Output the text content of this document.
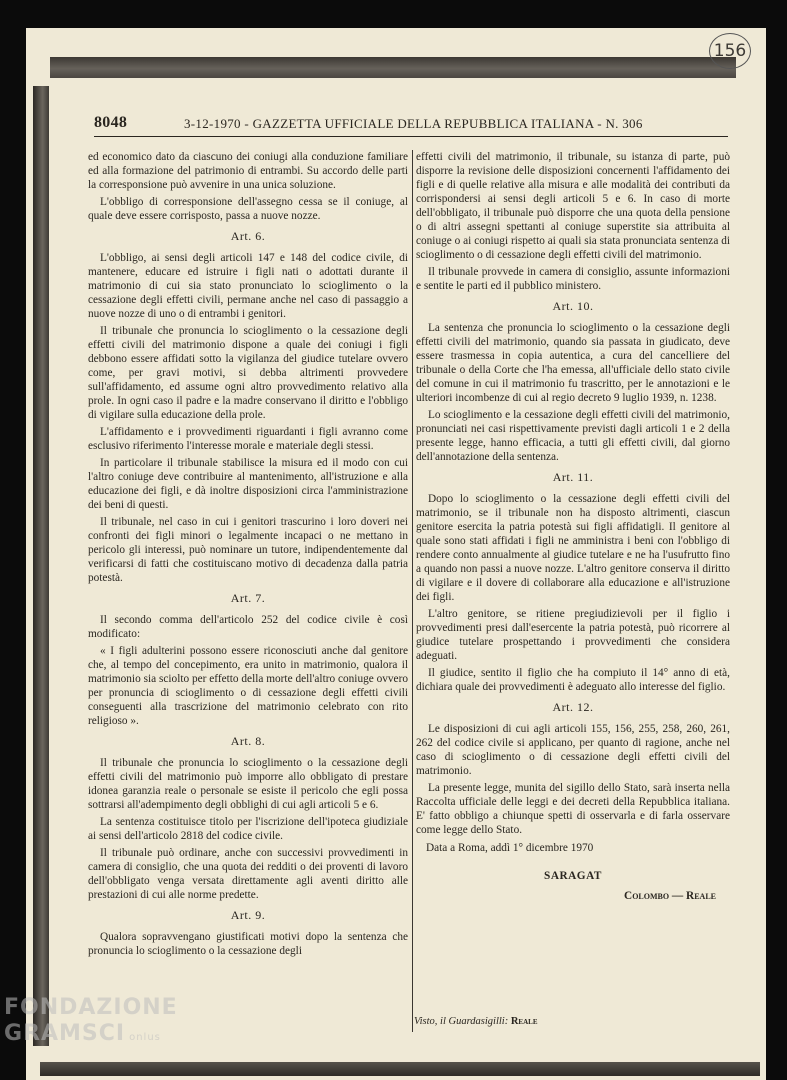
156
8048	3-12-1970 - GAZZETTA UFFICIALE DELLA REPUBBLICA ITALIANA - N. 306

ed economico dato da ciascuno dei coniugi alla conduzione familiare ed alla formazione del patrimonio di entrambi. Su accordo delle parti la corresponsione può avvenire in una unica soluzione.

L'obbligo di corresponsione dell'assegno cessa se il coniuge, al quale deve essere corrisposto, passa a nuove nozze.

Art. 6.

L'obbligo, ai sensi degli articoli 147 e 148 del codice civile, di mantenere, educare ed istruire i figli nati o adottati durante il matrimonio di cui sia stato pronunciato lo scioglimento o la cessazione degli effetti civili, permane anche nel caso di passaggio a nuove nozze di uno o di entrambi i genitori.

Il tribunale che pronuncia lo scioglimento o la cessazione degli effetti civili del matrimonio dispone a quale dei coniugi i figli debbono essere affidati sotto la vigilanza del giudice tutelare ovvero come, per gravi motivi, si debba altrimenti provvedere sull'affidamento, ed assume ogni altro provvedimento relativo alla prole. In ogni caso il padre e la madre conservano il diritto e l'obbligo di vigilare sulla educazione della prole.

L'affidamento e i provvedimenti riguardanti i figli avranno come esclusivo riferimento l'interesse morale e materiale degli stessi.

In particolare il tribunale stabilisce la misura ed il modo con cui l'altro coniuge deve contribuire al mantenimento, all'istruzione e alla educazione dei figli, e dà inoltre disposizioni circa l'amministrazione dei beni di questi.

Il tribunale, nel caso in cui i genitori trascurino i loro doveri nei confronti dei figli minori o legalmente incapaci o ne mettano in pericolo gli interessi, può nominare un tutore, indipendentemente dal verificarsi di fatti che costituiscano motivo di decadenza dalla patria potestà.

Art. 7.

Il secondo comma dell'articolo 252 del codice civile è così modificato:

« I figli adulterini possono essere riconosciuti anche dal genitore che, al tempo del concepimento, era unito in matrimonio, qualora il matrimonio sia sciolto per effetto della morte dell'altro coniuge ovvero per pronuncia di scioglimento o di cessazione degli effetti civili conseguenti alla trascrizione del matrimonio celebrato con rito religioso ».

Art. 8.

Il tribunale che pronuncia lo scioglimento o la cessazione degli effetti civili del matrimonio può imporre allo obbligato di prestare idonea garanzia reale o personale se esiste il pericolo che egli possa sottrarsi all'adempimento degli obblighi di cui agli articoli 5 e 6.

La sentenza costituisce titolo per l'iscrizione dell'ipoteca giudiziale ai sensi dell'articolo 2818 del codice civile.

Il tribunale può ordinare, anche con successivi provvedimenti in camera di consiglio, che una quota dei redditi o dei proventi di lavoro dell'obbligato venga versata direttamente agli aventi diritto alle prestazioni di cui alle norme predette.

Art. 9.

Qualora sopravvengano giustificati motivi dopo la sentenza che pronuncia lo scioglimento o la cessazione degli

effetti civili del matrimonio, il tribunale, su istanza di parte, può disporre la revisione delle disposizioni concernenti l'affidamento dei figli e di quelle relative alla misura e alle modalità dei contributi da corrispondersi ai sensi degli articoli 5 e 6. In caso di morte dell'obbligato, il tribunale può disporre che una quota della pensione o di altri assegni spettanti al coniuge superstite sia attribuita al coniuge o ai coniugi rispetto ai quali sia stata pronunciata sentenza di scioglimento o di cessazione degli effetti civili del matrimonio.

Il tribunale provvede in camera di consiglio, assunte informazioni e sentite le parti ed il pubblico ministero.

Art. 10.

La sentenza che pronuncia lo scioglimento o la cessazione degli effetti civili del matrimonio, quando sia passata in giudicato, deve essere trasmessa in copia autentica, a cura del cancelliere del tribunale o della Corte che l'ha emessa, all'ufficiale dello stato civile del comune in cui il matrimonio fu trascritto, per le annotazioni e le ulteriori incombenze di cui al regio decreto 9 luglio 1939, n. 1238.

Lo scioglimento e la cessazione degli effetti civili del matrimonio, pronunciati nei casi rispettivamente previsti dagli articoli 1 e 2 della presente legge, hanno efficacia, a tutti gli effetti civili, dal giorno dell'annotazione della sentenza.

Art. 11.

Dopo lo scioglimento o la cessazione degli effetti civili del matrimonio, se il tribunale non ha disposto altrimenti, ciascun genitore esercita la patria potestà sui figli affidatigli. Il genitore al quale sono stati affidati i figli ne amministra i beni con l'obbligo di rendere conto annualmente al giudice tutelare e ne ha l'usufrutto fino a quando non passi a nuove nozze. L'altro genitore conserva il diritto di vigilare e il dovere di collaborare alla educazione e all'istruzione dei figli.

L'altro genitore, se ritiene pregiudizievoli per il figlio i provvedimenti presi dall'esercente la patria potestà, può ricorrere al giudice tutelare prospettando i provvedimenti che considera adeguati.

Il giudice, sentito il figlio che ha compiuto il 14° anno di età, dichiara quale dei provvedimenti è adeguato allo interesse del figlio.

Art. 12.

Le disposizioni di cui agli articoli 155, 156, 255, 258, 260, 261, 262 del codice civile si applicano, per quanto di ragione, anche nel caso di scioglimento o di cessazione degli effetti civili del matrimonio.

La presente legge, munita del sigillo dello Stato, sarà inserta nella Raccolta ufficiale delle leggi e dei decreti della Repubblica italiana. E' fatto obbligo a chiunque spetti di osservarla e di farla osservare come legge dello Stato.

Data a Roma, addì 1° dicembre 1970

SARAGAT

Colombo — Reale

Visto, il Guardasigilli: Reale
FONDAZIONE
GRAMSCI onlus
